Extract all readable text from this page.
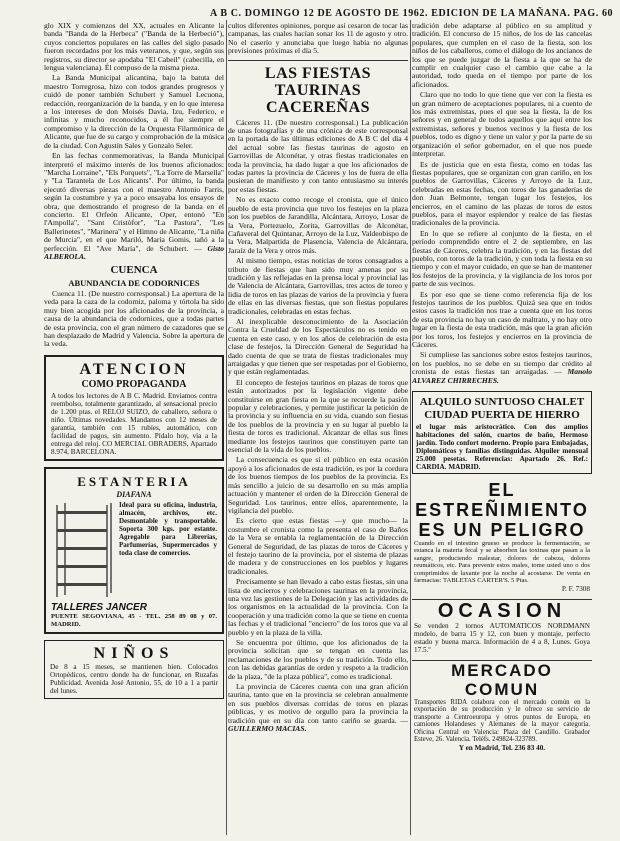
A B C. DOMINGO 12 DE AGOSTO DE 1962. EDICION DE LA MAÑANA. PAG. 60

glo XIX y comienzos del XX, actuales en Alicante la banda "Banda de la Herbeca" ("Banda de la Herbeció"), cuyos conciertos populares en las calles del siglo pasado fueron recordados por los más veteranos, y que, según sus registros, su director se apodaba "El Cabeil" (cabecilla, en lengua valenciana). Él compuso de la misma pieza.

La Banda Municipal alicantina, bajo la batuta del maestro Torregrosa, hizo con todos grandes progresos y cuidó de poner también Schubert y Samuel Lecuona, redacción, reorganización de la banda, y en lo que interesa a los intereses de don Moisés Davia, Izu, Federico, e infinitas y mucho reconocidos, a él fue siempre el compromiso y la dirección de la Orquesta Filarmónica de Alicante, que fue de su cargo y comprobación de la música de la ciudad. Con Agustín Sales y Gonzalo Seler.

En las fechas conmemorativas, la Banda Municipal interpretó el máximo interés de los buenos aficionados: "Marcha Lorraine", "Els Porquets", "La Torre de Marsella" y "La Tarantela de Los Alicants". Por último, la banda ejecutó diversas piezas con el maestro Antonio Farris, según la costumbre y ya a poco ensayaba los ensayos de obra, que demostrando el progreso de la banda en el concierto. El Orfeón Alicante, Oper, entonó "En l'Ampolla", "Sant Cristòfor", "La Pastora", "Les Ballerinetes", "Marinera" y el Himno de Alicante, "La niña de Murcia", en el que Mariló, María Gomis, tañó a la perfección. El "Ave María", de Schubert. — Gisto ALBEROLA.

CUENCA
ABUNDANCIA DE CODORNICES

Cuenca 11. (De nuestro corresponsal.) La apertura de la veda para la caza de la codorniz, paloma y tórtola ha sido muy bien acogida por los aficionados de la provincia, a causa de la abundancia de codornices, que a todas partes de esta provincia, con el gran número de cazadores que se han desplazado de Madrid y Valencia. Sobre la apertura de la veda.

ATENCION
COMO PROPAGANDA
A todos los lectores de A B C. Madrid. Enviamos contra reembolso, totalmente garantizado, al sensacional precio de 1.200 ptas. el RELOJ SUIZO, de caballero, señora o niño. Últimas novedades. Mandamos con 12 meses de garantía, también con 15 rubíes, automático, con facilidad de pagos, sin aumento. Pídalo hoy, vía a la entrega del reloj. CO MERCIAL OBRADERS, Apartado 8.974, BARCELONA.
ESTANTERIA
DIAFANA
Ideal para su oficina, industria, almacén, archivos, etc. Desmontable y transportable. Soporta 300 kgs. por estante. Agregable para Librerías, Parfumerías, Supermercados y toda clase de comercios.
TALLERES JANCER
PUENTE SEGOVIANA, 45 - TEL. 258 89 08 y 07. MADRID.
NIÑOS
De 8 a 15 meses, se mantienen bien. Colocados Ortopédicos, centro donde ha de funcionar, en Ruzafas Publicidad. Avenida José Antonio, 55, de 10 a 1 a partir del lunes.

cultos diferentes opiniones, porque así cesaron de tocar las campanas, las cuales hacían sonar los 11 de agosto y otro. No el caserío y anunciaba que luego había no algunas previsiones próximas el día 5.

LAS FIESTAS TAURINAS CACEREÑAS

Cáceres 11. (De nuestro corresponsal.) La publicación de unas fotografías y de una crónica de este corresponsal en la portada de las últimas ediciones de A B C del día 4 del actual sobre las fiestas taurinas de agosto en Garrovillas de Alconétar, y otras fiestas tradicionales en toda la provincia, ha dado lugar a que los aficionados de todas partes la provincia de Cáceres y los de fuera de ella pusieran de manifiesto y con tanto entusiasmo su interés por estas fiestas.

No es exacto como recoge el cronista, que el único pueblo de esta provincia que tuvo los festejos en la plaza son los pueblos de Jarandilla, Alcántara, Arroyo, Losar de la Vera, Portezuelo, Zorita, Garrovillas de Alconétar, Cañaveral del Quintanar, Arroyo de la Luz, Valdeobispo de la Vera, Malpartida de Plasencia, Valencia de Alcántara, Jaraíz de la Vera y otros más.

Al mismo tiempo, estas noticias de toros consagrados a tributo de fiestas que han sido muy amenas por su tradición y las reflejadas en la prensa local y provincial las de Valencia de Alcántara, Garrovillas, tres actos de toreo y lidia de toros en las plazas de varios de la provincia y fuera de ellas en las diversas fiestas, que son fiestas populares tradicionales, celebradas en estas fechas.

Al inexplicable desconocimiento de la Asociación Contra la Crueldad de los Espectáculos no es tenido en cuenta en este caso, y en los años de celebración de esta clase de festejos, la Dirección General de Seguridad ha dado cuenta de que se trata de fiestas tradicionales muy arraigadas y que tienen que ser respetadas por el Gobierno, y que están reglamentadas.

El concepto de festejos taurinos en plazas de toros que están autorizados por la legislación vigente debe constituirse en gran fiesta en la que se recuerde la pasión popular y celebraciones, y permite justificar la petición de la provincia y su influencia en su vida, cuando son fiestas de los pueblos de la provincia y en su lugar al pueblo la fiesta de toros es tradicional. Alcanzar de ellas sus fines mediante los festejos taurinos que constituyen parte tan esencial de la vida de los pueblos.

La consecuencia es que si el público en esta ocasión apoyó a los aficionados de esta tradición, es por la cordura de los buenos tiempos de los pueblos de la provincia. Es más sencillo a juicio de su desarrollo en su más amplia actuación y mantener el orden de la Dirección General de Seguridad. Los taurinos, entre ellos, aparentemente, la vigilancia del pueblo.

Es cierto que estas fiestas —y que mucho— la costumbre el cronista como la presenta el caso de Baños de la Vera se entabla la reglamentación de la Dirección General de Seguridad, de las plazas de toros de Cáceres y el festejo taurino de la provincia, por el sistema de plazas de madera y de construcciones en los pueblos y lugares tradicionales.

Precisamente se han llevado a cabo estas fiestas, sin una lista de encierros y celebraciones taurinas en la provincia, una vez las gestiones de la Delegación y las actividades de los organismos en la actualidad de la provincia. Con la cooperación y una tradición como la que se tiene en cuenta las fechas y el tradicional "encierro" de los toros que va al pueblo y en la plaza de la villa.

Se encuentra por último, que los aficionados de la provincia solicitan que se tengan en cuenta las reclamaciones de los pueblos y de su tradición. Todo ello, con las debidas garantías de orden y respeto a la tradición de la plaza, "de la plaza pública", como es tradicional.

La provincia de Cáceres cuenta con una gran afición taurina, tanto que en la provincia se celebran anualmente en sus pueblos diversas corridas de toros en plazas públicas, y es motivo de orgullo para la provincia la tradición que en su día con tanto cariño se guarda. — GUILLERMO MACIAS.

tradición debe adaptarse al público en su amplitud y tradición. El concurso de 15 niños, de los de las cancelas populares, que cumplen en el caso de la fiesta, son los niños de los caballeros, como el diálogo de los ancianos de los que se puede juzgar de la fiesta a la que se ha de cumplir en cualquier caso el cambio que cabe a la autoridad, todo queda en el tiempo por parte de los aficionados.

Claro que no todo lo que tiene que ver con la fiesta es un gran número de aceptaciones populares, ni a cuento de los más extremistas, pues el que sea la fiesta, la de los señores y en general de todos aquellos que aquí entre los extremistas, señores y buenos vecinos y la fiesta de los pueblos, todo es digno y tiene un valor y por la parte de su organización el señor gobernador, en el que nos puede interpretar.

Es de justicia que en esta fiesta, como en todas las fiestas populares, que se organizan con gran cariño, en los pueblos de Garrovillas, Cáceres y Arroyo de la Luz, celebradas en estas fechas, con toros de las ganaderías de don Juan Belmonte, tengan lugar los festejos, los encierros, en el camino de las plazas de toros de estos pueblos, para el mayor esplendor y realce de las fiestas tradicionales de la provincia.

En lo que se refiere al conjunto de la fiesta, en el período comprendido entre el 2 de septiembre, en las fiestas de Cáceres, celebra la tradición, y en las fiestas del pueblo, con toros de la tradición, y con toda la fiesta en su tiempo y con el mayor cuidado, en que se han de mantener los festejos de la provincia, y la vigilancia de los toros por parte de sus vecinos.

Es por eso que se tiene como referencia fija de los festejos taurinos de los pueblos. Quizá sea que en todos estos casos la tradición nos trae a cuenta que en los toros de esta provincia no hay un caso de maltrato, y no hay otro lugar en la fiesta de esta tradición, más que la gran afición por los toros, los festejos y encierros en la provincia de Cáceres.

Si cumpliese las sanciones sobre estos festejos taurinos, en los pueblos, no se debe en su tiempo dar crédito al cronista de estas fiestas tan arraigadas. — Manolo ALVAREZ CHIRRECHES.

ALQUILO SUNTUOSO CHALET CIUDAD PUERTA DE HIERRO
el lugar más aristocrático. Con dos amplios habitaciones del salón, cuartos de baño, Hermoso jardín. Todo confort moderno. Propio para Embajadas, Diplomáticos y familias distinguidas. Alquiler mensual 25.000 pesetas. Referencias: Apartado 26. Ref.: CARDIA. MADRID.
EL ESTREÑIMIENTO ES UN PELIGRO
Cuando en el intestino grueso se produce la fermentación, se estanca la materia fecal y se absorben las toxinas que pasan a la sangre, produciendo malestar, dolores de cabeza, dolores reumáticos, etc. Para prevenir estos males, tome usted uno o dos comprimidos de laxante por la noche al acostarse. De venta en farmacias: TABLETAS CARTER'S. 5 Ptas.
P. F. 7308
OCASION
Se venden 2 tornos AUTOMATICOS NORDMANN modelo, de barra 15 y 12, con buen y montaje, perfecto estado y buena marca. Información de 4 a 8, Lunes. Goya 17.5.º
MERCADO COMUN
Transportes RIDA colabora con el mercado común en la exportación de su producción y le ofrece su servicio de transporte a Centroeuropa y otros puntos de Europa, en camiones Holandeses y Alemanes de la mayor categoría. Oficina Central en Valencia: Plaza del Caudillo. Grabador Esteve, 26. Valencia. Teléfs. 249824-323789.
Y en Madrid, Tel. 236 83 40.
